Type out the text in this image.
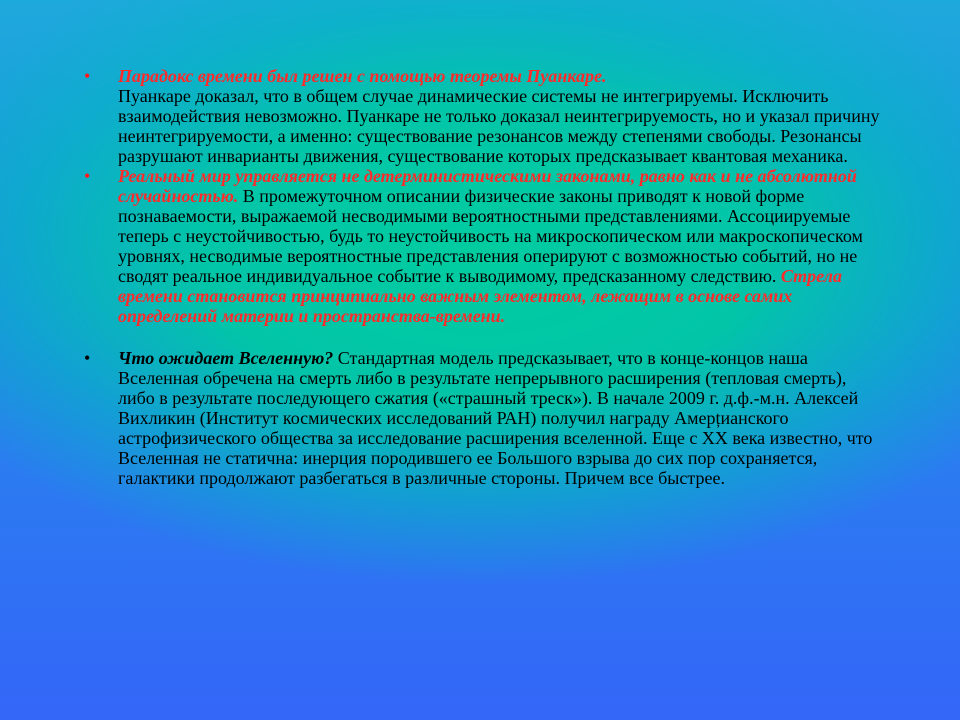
• Парадокс времени был решен с помощью теоремы Пуанкаре.

Пуанкаре доказал, что в общем случае динамические системы не интегрируемы. Исключить взаимодействия невозможно. Пуанкаре не только доказал неинтегрируемость, но и указал причину неинтегрируемости, а именно: существование резонансов между степенями свободы. Резонансы разрушают инварианты движения, существование которых предсказывает квантовая механика.

• Реальный мир управляется не детерминистическими законами, равно как и не абсолютной случайностью. В промежуточном описании физические законы приводят к новой форме познаваемости, выражаемой несводимыми вероятностными представлениями. Ассоциируемые теперь с неустойчивостью, будь то неустойчивость на микроскопическом или макроскопическом уровнях, несводимые вероятностные представления оперируют с возможностью событий, но не сводят реальное индивидуальное событие к выводимому, предсказанному следствию. Стрела времени становится принципиально важным элементом, лежащим в основе самих определений материи и пространства-времени.

• Что ожидает Вселенную? Стандартная модель предсказывает, что в конце-концов наша Вселенная обречена на смерть либо в результате непрерывного расширения (тепловая смерть), либо в результате последующего сжатия («страшный треск»). В начале 2009 г. д.ф.-м.н. Алексей Вихликин (Институт космических исследований РАН) получил награду Амерțианского астрофизического общества за исследование расширения вселенной. Еще с XX века известно, что Вселенная не статична: инерция породившего ее Большого взрыва до сих пор сохраняется, галактики продолжают разбегаться в различные стороны. Причем все быстрее.
